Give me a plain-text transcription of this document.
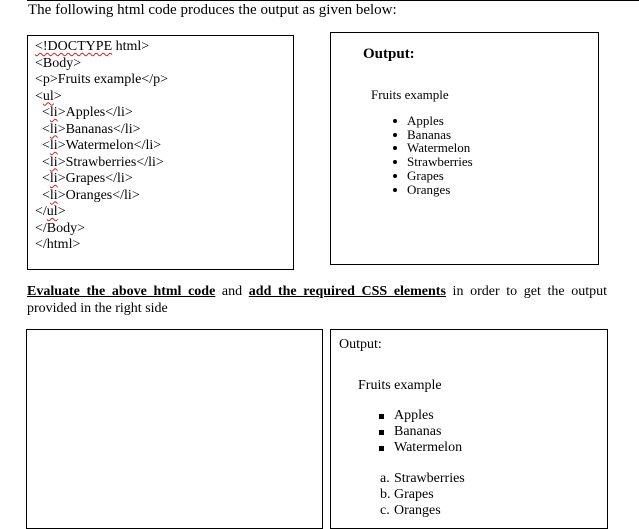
The following html code produces the output as given below:
<!DOCTYPE html>
<Body>
<p>Fruits example</p>
<ul>
<li>Apples</li>
<li>Bananas</li>
<li>Watermelon</li>
<li>Strawberries</li>
<li>Grapes</li>
<li>Oranges</li>
</ul>
</Body>
</html>
Output:
Fruits example
Apples
Bananas
Watermelon
Strawberries
Grapes
Oranges
Evaluate the above html code and add the required CSS elements in order to get the output provided in the right side
Output:
Fruits example
Apples
Bananas
Watermelon
a. Strawberries
b. Grapes
c. Oranges
